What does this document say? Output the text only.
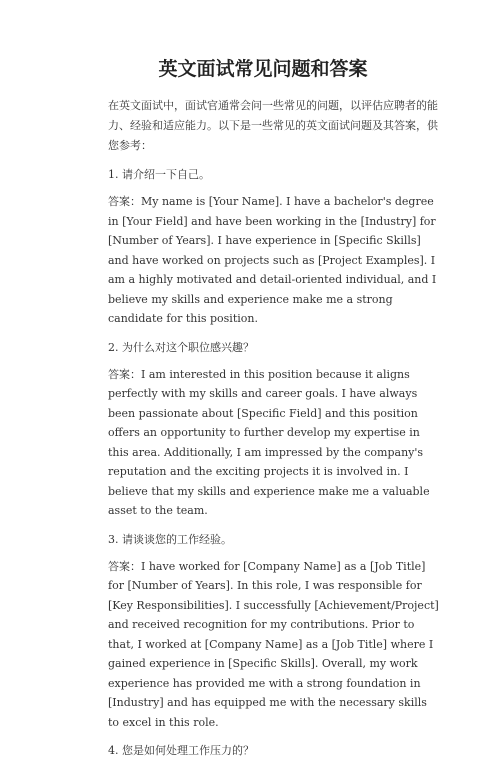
英文面试常见问题和答案

在英文面试中，面试官通常会问一些常见的问题，以评估应聘者的能力、经验和适应能力。以下是一些常见的英文面试问题及其答案，供您参考：

1. 请介绍一下自己。

答案：My name is [Your Name]. I have a bachelor's degree in [Your Field] and have been working in the [Industry] for [Number of Years]. I have experience in [Specific Skills] and have worked on projects such as [Project Examples]. I am a highly motivated and detail-oriented individual, and I believe my skills and experience make me a strong candidate for this position.

2. 为什么对这个职位感兴趣？

答案：I am interested in this position because it aligns perfectly with my skills and career goals. I have always been passionate about [Specific Field] and this position offers an opportunity to further develop my expertise in this area. Additionally, I am impressed by the company's reputation and the exciting projects it is involved in. I believe that my skills and experience make me a valuable asset to the team.

3. 请谈谈您的工作经验。

答案：I have worked for [Company Name] as a [Job Title] for [Number of Years]. In this role, I was responsible for [Key Responsibilities]. I successfully [Achievement/Project] and received recognition for my contributions. Prior to that, I worked at [Company Name] as a [Job Title] where I gained experience in [Specific Skills]. Overall, my work experience has provided me with a strong foundation in [Industry] and has equipped me with the necessary skills to excel in this role.

4. 您是如何处理工作压力的？
